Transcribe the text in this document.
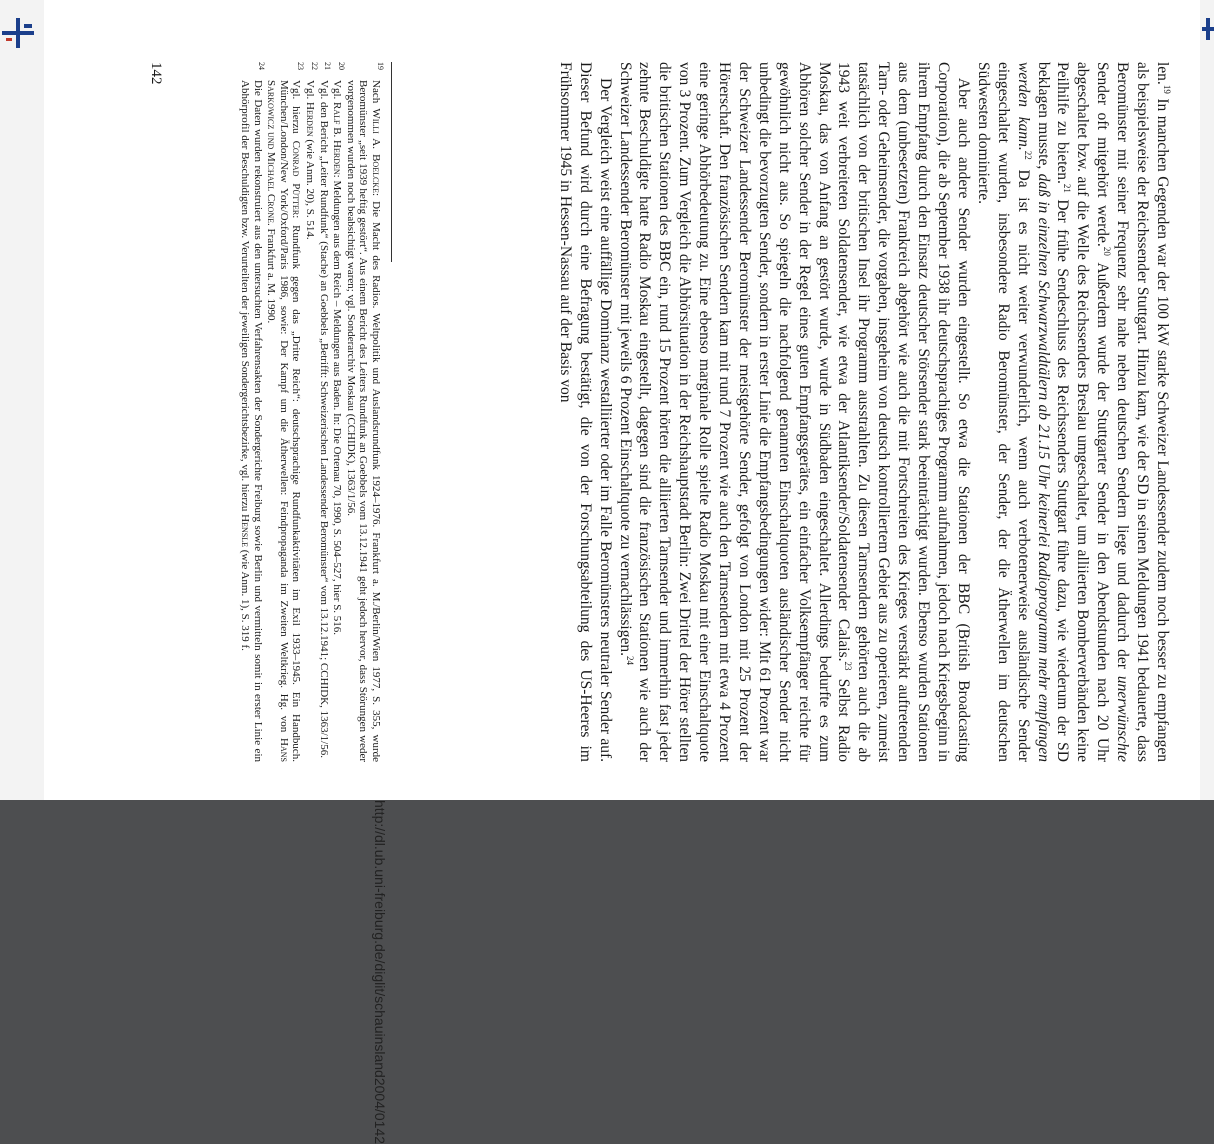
len.$^{19}$ In manchen Gegenden war der 100 kW starke Schweizer Landessender zudem noch besser zu empfangen als beispielsweise der Reichssender Stuttgart. Hinzu kam, wie der SD in seinen Meldungen 1941 bedauerte, dass Beromünster mit seiner Frequenz sehr nahe neben deutschen Sendern liege und dadurch der unerwünschte Sender oft mitgehört werde.$^{20}$ Außerdem wurde der Stuttgarter Sender in den Abendstunden nach 20 Uhr abgeschaltet bzw. auf die Welle des Reichssenders Breslau umgeschaltet, um alliierten Bomberverbänden keine Peilhilfe zu bieten.$^{21}$ Der frühe Sendeschluss des Reichssenders Stuttgart führe dazu, wie wiederum der SD beklagen musste, daß in einzelnen Schwarzwaldtälern ab 21.15 Uhr keinerlei Radioprogramm mehr empfangen werden kann.$^{22}$ Da ist es nicht weiter verwunderlich, wenn auch verbotenerweise ausländische Sender eingeschaltet wurden, insbesondere Radio Beromünster, der Sender, der die Ätherwellen im deutschen Südwesten dominierte.

Aber auch andere Sender wurden eingestellt. So etwa die Stationen der BBC (British Broadcasting Corporation), die ab September 1938 ihr deutschsprachiges Programm aufnahmen, jedoch nach Kriegsbeginn in ihrem Empfang durch den Einsatz deutscher Störsender stark beeinträchtigt wurden. Ebenso wurden Stationen aus dem (unbesetzten) Frankreich abgehört wie auch die mit Fortschreiten des Krieges verstärkt auftretenden Tarn- oder Geheimsender, die vorgaben, insgeheim von deutsch kontrolliertem Gebiet aus zu operieren, zumeist tatsächlich von der britischen Insel ihr Programm ausstrahlten. Zu diesen Tarnsendern gehörten auch die ab 1943 weit verbreiteten Soldatensender, wie etwa der Atlantiksender/Soldatensender Calais.$^{23}$ Selbst Radio Moskau, das von Anfang an gestört wurde, wurde in Südbaden eingeschaltet. Allerdings bedurfte es zum Abhören solcher Sender in der Regel eines guten Empfangsgerätes, ein einfacher Volksempfänger reichte für gewöhnlich nicht aus. So spiegeln die nachfolgend genannten Einschaltquoten ausländischer Sender nicht unbedingt die bevorzugten Sender, sondern in erster Linie die Empfangsbedingungen wider: Mit 61 Prozent war der Schweizer Landessender Beromünster der meistgehörte Sender, gefolgt von London mit 25 Prozent der Hörerschaft. Den französischen Sendern kam mit rund 7 Prozent wie auch den Tarnsendern mit etwa 4 Prozent eine geringe Abhörbedeutung zu. Eine ebenso marginale Rolle spielte Radio Moskau mit einer Einschaltquote von 3 Prozent. Zum Vergleich die Abhörsituation in der Reichshauptstadt Berlin: Zwei Drittel der Hörer stellten die britischen Stationen des BBC ein, rund 15 Prozent hörten die alliierten Tarnsender und immerhin fast jeder zehnte Beschuldigte hatte Radio Moskau eingestellt, dagegen sind die französischen Stationen wie auch der Schweizer Landessender Beromünster mit jeweils 6 Prozent Einschaltquote zu vernachlässigen.$^{24}$

Der Vergleich weist eine auffällige Dominanz westalliierter oder im Falle Beromünsters neutraler Sender auf. Dieser Befund wird durch eine Befragung bestätigt, die von der Forschungsabteilung des US-Heeres im Frühsommer 1945 in Hessen-Nassau auf der Basis von

19Nach Willi A. Boelcke: Die Macht des Radios. Weltpolitik und Auslandsrundfunk 1924–1976. Frankfurt a. M./Berlin/Wien 1977, S. 355, wurde Beromünster „seit 1939 heftig gestört“. Aus einem Bericht des Leiters Rundfunk an Goebbels vom 13.12.1941 geht jedoch hervor, dass Störungen weder vorgenommen wurden noch beabsichtigt waren; vgl. Sonderarchiv Moskau (CCHIDK), 1363/1/56.
20Vgl. Ralf B. Herden: Meldungen aus dem Reich – Meldungen aus Baden. In: Die Ortenau 70, 1990, S. 504–527, hier S. 516.
21Vgl. den Bericht „Leiter Rundfunk“ (Stache) an Goebbels „Betrifft: Schweizerischen Landessender Beromünster“ vom 13.12.1941; CCHIDK, 1363/1/56.
22Vgl. Herden (wie Anm. 20), S. 514.
23Vgl. hierzu Conrad Pütter: Rundfunk gegen das „Dritte Reich“: deutschsprachige Rundfunkaktivitäten im Exil 1933–1945. Ein Handbuch. München/London/New York/Oxford/Paris 1986, sowie: Der Kampf um die Ätherwellen: Feindpropaganda im Zweiten Weltkrieg. Hg. von Hans Sarkowicz und Michael Crone. Frankfurt a. M. 1990.
24Die Daten wurden rekonstruiert aus den untersuchten Verfahrensakten der Sondergerichte Freiburg sowie Berlin und vermitteln somit in erster Linie ein Abhörprofil der Beschuldigten bzw. Verurteilten der jeweiligen Sondergerichtsbezirke, vgl. hierzu Hensle (wie Anm. 1), S. 319 f.
142
http://dl.ub.uni-freiburg.de/diglit/schauinsland2004/0142
